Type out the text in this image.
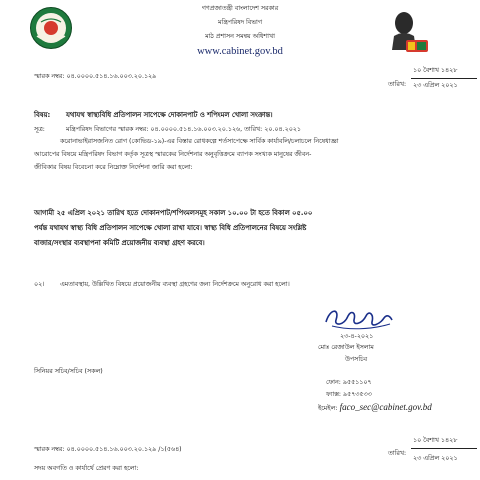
গণপ্রজাতন্ত্রী বাংলাদেশ সরকার
মন্ত্রিপরিষদ বিভাগ
মাঠ প্রশাসন সমন্বয় অধিশাখা
www.cabinet.gov.bd
স্মারক নম্বর: ০৪.০০০০.৫১৪.১৬.০০৩.২০.১২৯
তারিখ:
১০ বৈশাখ ১৪২৮
২৩ এপ্রিল ২০২১
বিষয়: যথাযথ স্বাস্থ্যবিধি প্রতিপালন সাপেক্ষে দোকানপাট ও শপিংমল খোলা সংক্রান্ত।
সূত্র:	মন্ত্রিপরিষদ বিভাগের স্মারক নম্বর: ০৪.০০০০.৫১৪.১৬.০০৩.২০.১২৬, তারিখ: ২০.০৪.২০২১
করোনাভাইরাসজনিত রোগ (কোভিড-১৯)-এর বিস্তার রোধকল্পে শর্তসাপেক্ষে সার্বিক কার্যাবলি/চলাচলে নিষেধাজ্ঞা
আরোপের বিষয়ে মন্ত্রিপরিষদ বিভাগ কর্তৃক সূত্রস্থ স্মারকের নির্দেশনার অনুবৃত্তিক্রমে ব্যাপক সংখ্যক মানুষের জীবন-
জীবিকার বিষয় বিবেচনা করে নিম্নোক্ত নির্দেশনা জারি করা হলো:
আগামী ২৫ এপ্রিল ২০২১ তারিখ হতে দোকানপাট/শপিংমলসমূহ সকাল ১০.০০ টা হতে বিকাল ০৫.০০
পর্যন্ত যথাযথ স্বাস্থ্য বিধি প্রতিপালন সাপেক্ষে খোলা রাখা যাবে। স্বাস্থ্য বিধি প্রতিপালনের বিষয়ে সংশ্লিষ্ট
বাজার/সংস্থার ব্যবস্থাপনা কমিটি প্রয়োজনীয় ব্যবস্থা গ্রহণ করবে।
০২। এমতাবস্থায়, উল্লিখিত বিষয়ে প্রয়োজনীয় ব্যবস্থা গ্রহণের জন্য নির্দেশক্রমে অনুরোধ করা হলো।
২৩-৪-২০২১
মোঃ রেজাউল ইসলাম
উপসচিব
সিনিয়র সচিব/সচিব (সকল)
ফোন: ৯৫৫১১০৭
ফ্যাক্স: ৯৫৭৩৫৩৩
ইমেইল: faco_sec@cabinet.gov.bd
স্মারক নম্বর: ০৪.০০০০.৫১৪.১৬.০০৩.২০.১২৯ /১(৫৬৪)
তারিখ:
১০ বৈশাখ ১৪২৮
২৩ এপ্রিল ২০২১
সদয় অবগতি ও কার্যার্থে প্রেরণ করা হলো:
